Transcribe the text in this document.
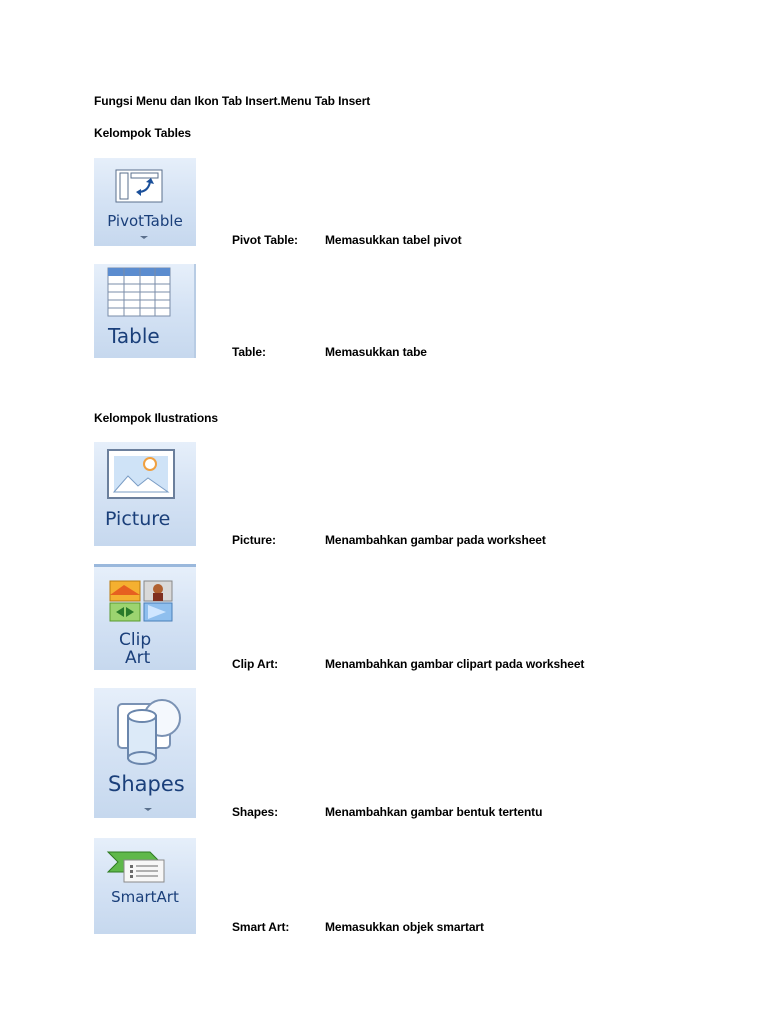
Fungsi Menu dan Ikon Tab Insert.Menu Tab Insert
Kelompok Tables
Kelompok Ilustrations
PivotTable
Table
Picture
Clip
Art
Shapes
SmartArt
Pivot Table: Memasukkan tabel pivot
Table:	Memasukkan tabe
Picture:	Menambahkan gambar pada worksheet
Clip Art:	Menambahkan gambar clipart pada worksheet
Shapes:	Menambahkan gambar bentuk tertentu
Smart Art:	Memasukkan objek smartart
